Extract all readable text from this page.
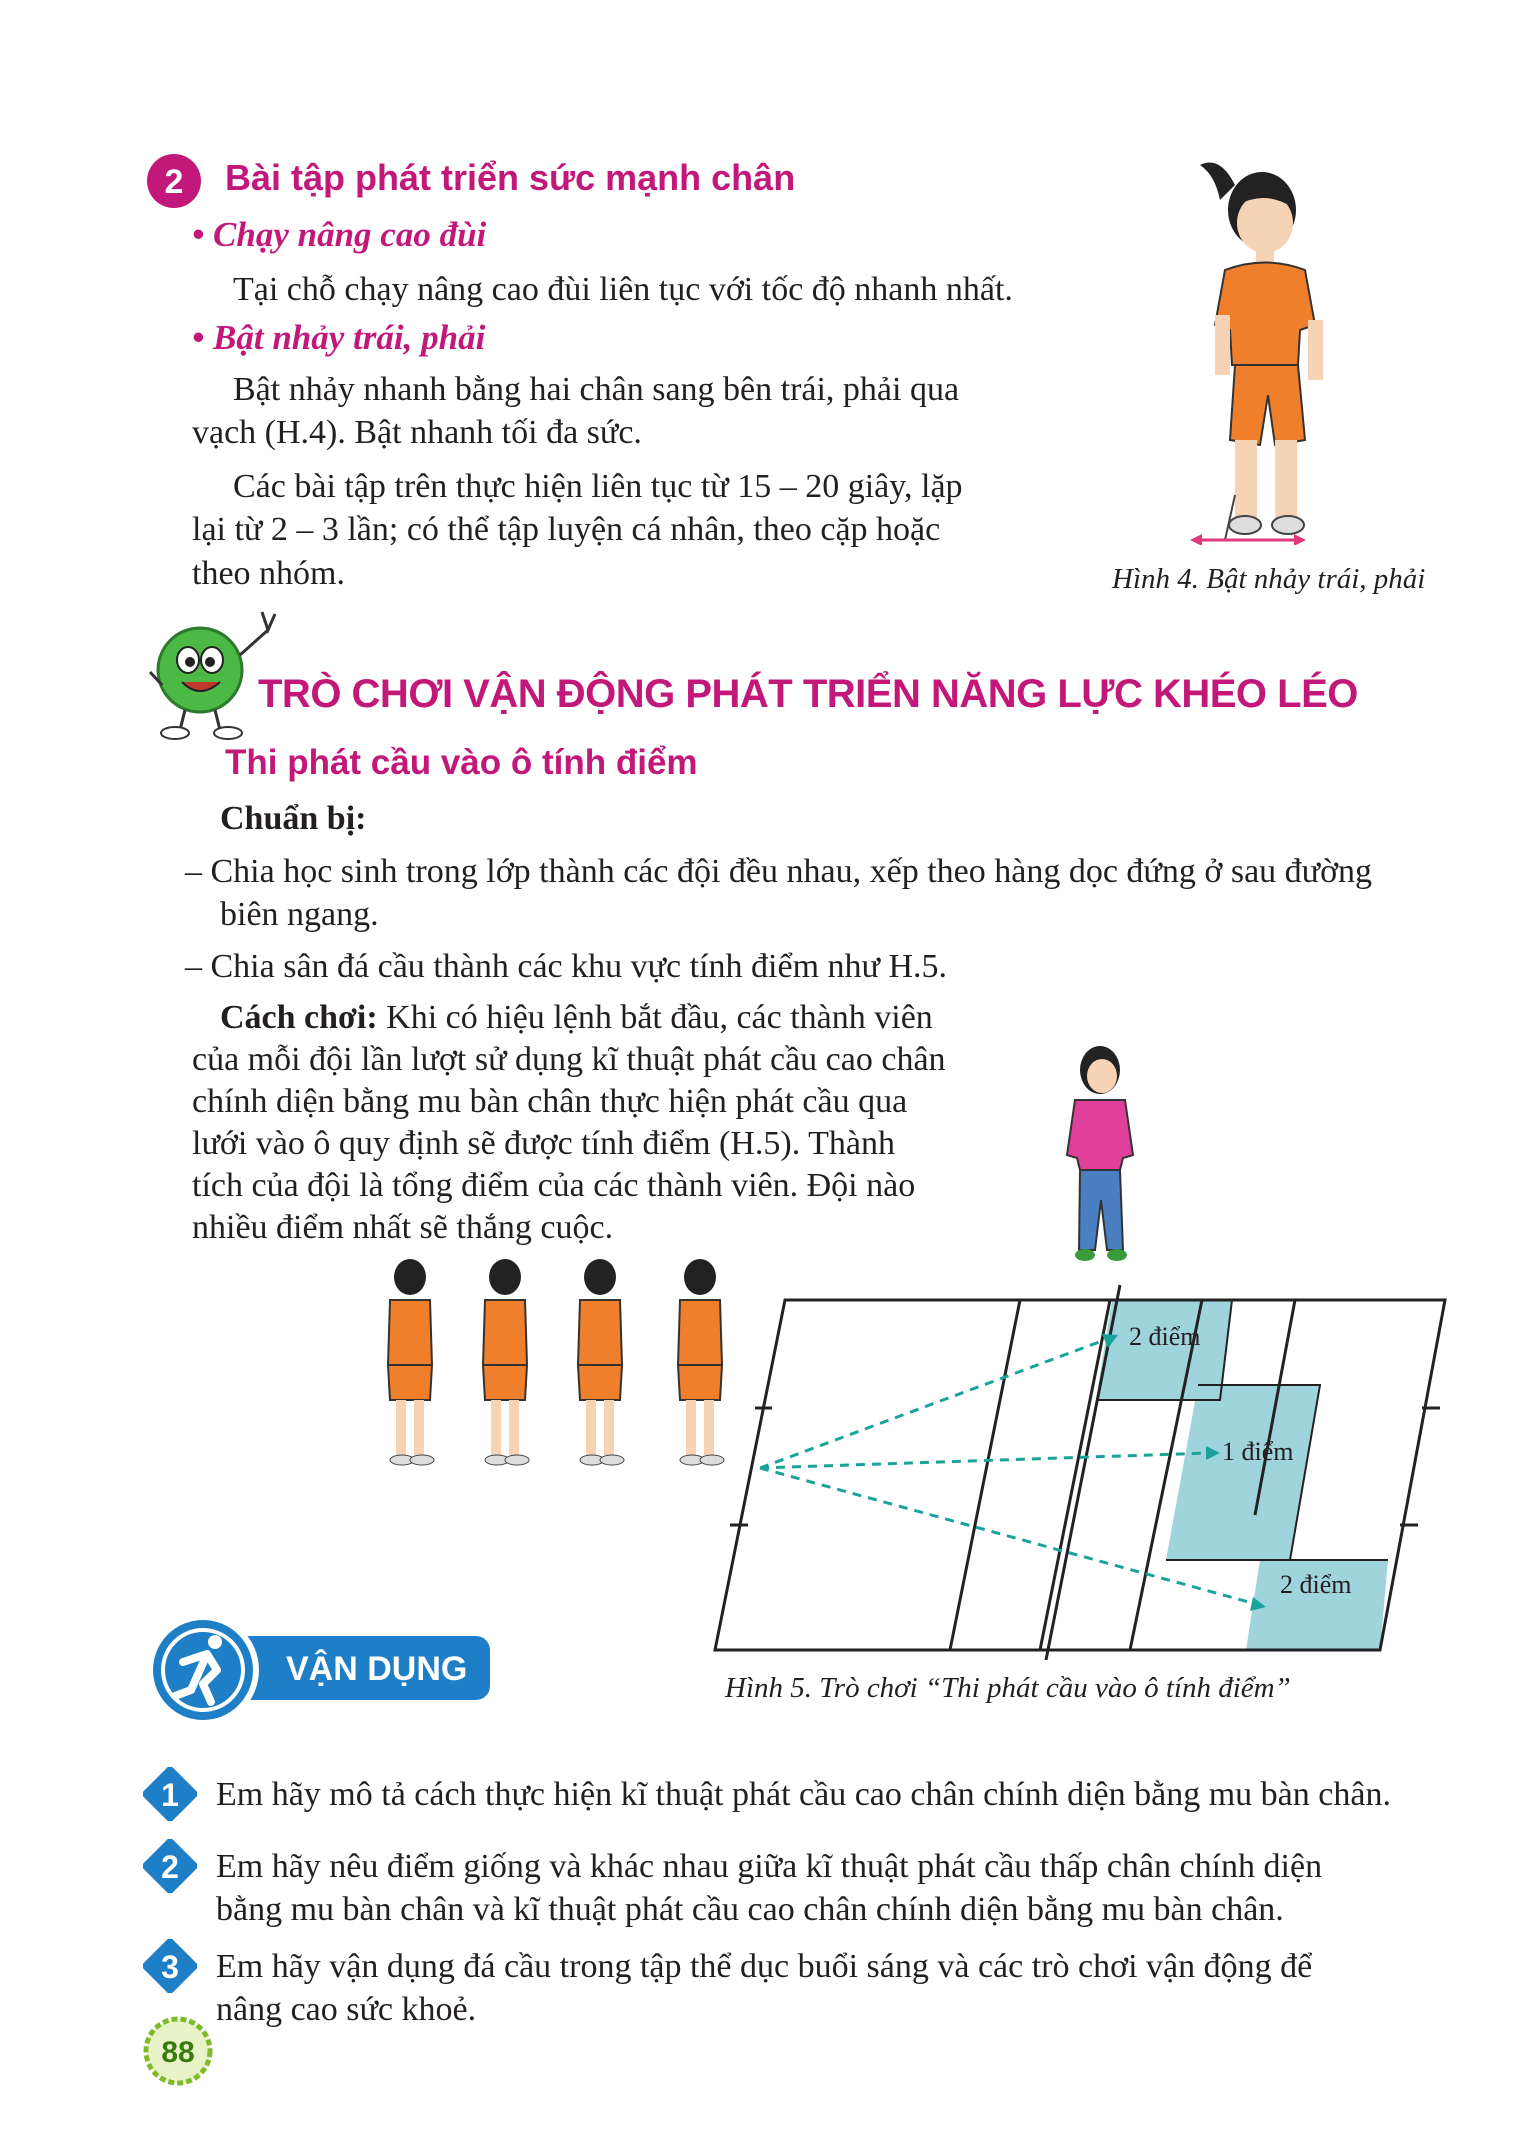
2 Bài tập phát triển sức mạnh chân
• Chạy nâng cao đùi
Tại chỗ chạy nâng cao đùi liên tục với tốc độ nhanh nhất.
• Bật nhảy trái, phải
Bật nhảy nhanh bằng hai chân sang bên trái, phải qua
vạch (H.4). Bật nhanh tối đa sức.
Các bài tập trên thực hiện liên tục từ 15 – 20 giây, lặp
lại từ 2 – 3 lần; có thể tập luyện cá nhân, theo cặp hoặc
theo nhóm.	Hình 4. Bật nhảy trái, phải
TRÒ CHƠI VẬN ĐỘNG PHÁT TRIỂN NĂNG LỰC KHÉO LÉO
Thi phát cầu vào ô tính điểm
Chuẩn bị:
– Chia học sinh trong lớp thành các đội đều nhau, xếp theo hàng dọc đứng ở sau đường
biên ngang.
– Chia sân đá cầu thành các khu vực tính điểm như H.5.
Cách chơi: Khi có hiệu lệnh bắt đầu, các thành viên
của mỗi đội lần lượt sử dụng kĩ thuật phát cầu cao chân
chính diện bằng mu bàn chân thực hiện phát cầu qua
lưới vào ô quy định sẽ được tính điểm (H.5). Thành
tích của đội là tổng điểm của các thành viên. Đội nào
nhiều điểm nhất sẽ thắng cuộc.
2 điểm
1 điểm
2 điểm
Hình 5. Trò chơi “Thi phát cầu vào ô tính điểm”
VẬN DỤNG
1 Em hãy mô tả cách thực hiện kĩ thuật phát cầu cao chân chính diện bằng mu bàn chân.
2 Em hãy nêu điểm giống và khác nhau giữa kĩ thuật phát cầu thấp chân chính diện
bằng mu bàn chân và kĩ thuật phát cầu cao chân chính diện bằng mu bàn chân.
3 Em hãy vận dụng đá cầu trong tập thể dục buổi sáng và các trò chơi vận động để
nâng cao sức khoẻ.
88
